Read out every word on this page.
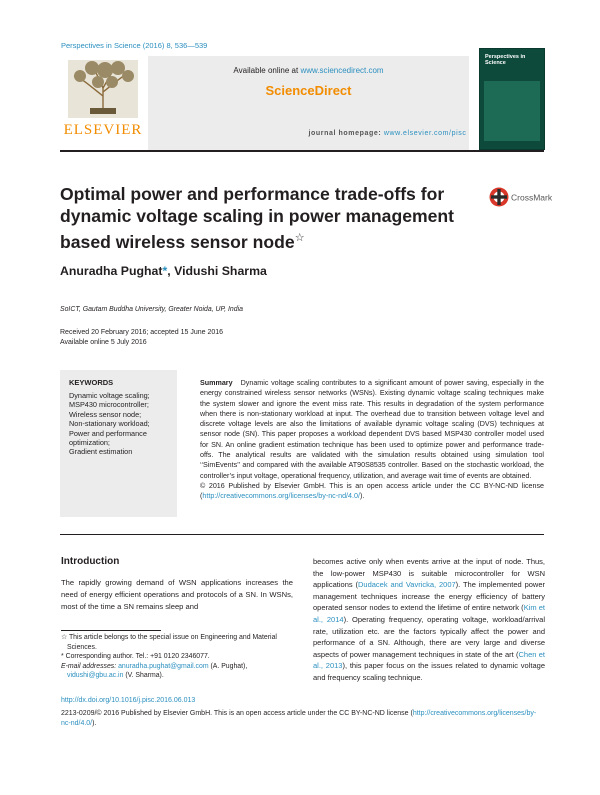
Perspectives in Science (2016) 8, 536—539
ELSEVIER
Available online at www.sciencedirect.com
ScienceDirect
journal homepage: www.elsevier.com/pisc
Perspectives in Science
Optimal power and performance trade-offs for dynamic voltage scaling in power management based wireless sensor node☆
CrossMark
Anuradha Pughat*, Vidushi Sharma
SoICT, Gautam Buddha University, Greater Noida, UP, India
Received 20 February 2016; accepted 15 June 2016
Available online 5 July 2016
KEYWORDS
Dynamic voltage scaling;
MSP430 microcontroller;
Wireless sensor node;
Non-stationary workload;
Power and performance optimization;
Gradient estimation
Summary Dynamic voltage scaling contributes to a significant amount of power saving, especially in the energy constrained wireless sensor networks (WSNs). Existing dynamic voltage scaling techniques make the system slower and ignore the event miss rate. This results in degradation of the system performance when there is non-stationary workload at input. The overhead due to transition between voltage level and discrete voltage levels are also the limitations of available dynamic voltage scaling (DVS) techniques at sensor node (SN). This paper proposes a workload dependent DVS based MSP430 controller model used for SN. An online gradient estimation technique has been used to optimize power and performance trade-offs. The analytical results are validated with the simulation results obtained using simulation tool ‘‘SimEvents’’ and compared with the available AT90S8535 controller. Based on the stochastic workload, the controller’s input voltage, operational frequency, utilization, and average wait time of events are obtained.
© 2016 Published by Elsevier GmbH. This is an open access article under the CC BY-NC-ND license (http://creativecommons.org/licenses/by-nc-nd/4.0/).
Introduction
The rapidly growing demand of WSN applications increases the need of energy efficient operations and protocols of a SN. In WSNs, most of the time a SN remains sleep and
becomes active only when events arrive at the input of node. Thus, the low-power MSP430 is suitable microcontroller for WSN applications (Dudacek and Vavricka, 2007). The implemented power management techniques increase the energy efficiency of battery operated sensor nodes to extend the lifetime of entire network (Kim et al., 2014). Operating frequency, operating voltage, workload/arrival rate, utilization etc. are the factors typically affect the power and performance of a SN. Although, there are very large and diverse aspects of power management techniques in state of the art (Chen et al., 2013), this paper focus on the issues related to dynamic voltage and frequency scaling technique.

☆ This article belongs to the special issue on Engineering and Material Sciences.

* Corresponding author. Tel.: +91 0120 2346077.

E-mail addresses: anuradha.pughat@gmail.com (A. Pughat), vidushi@gbu.ac.in (V. Sharma).

http://dx.doi.org/10.1016/j.pisc.2016.06.013
2213-0209/© 2016 Published by Elsevier GmbH. This is an open access article under the CC BY-NC-ND license (http://creativecommons.org/licenses/by-nc-nd/4.0/).
